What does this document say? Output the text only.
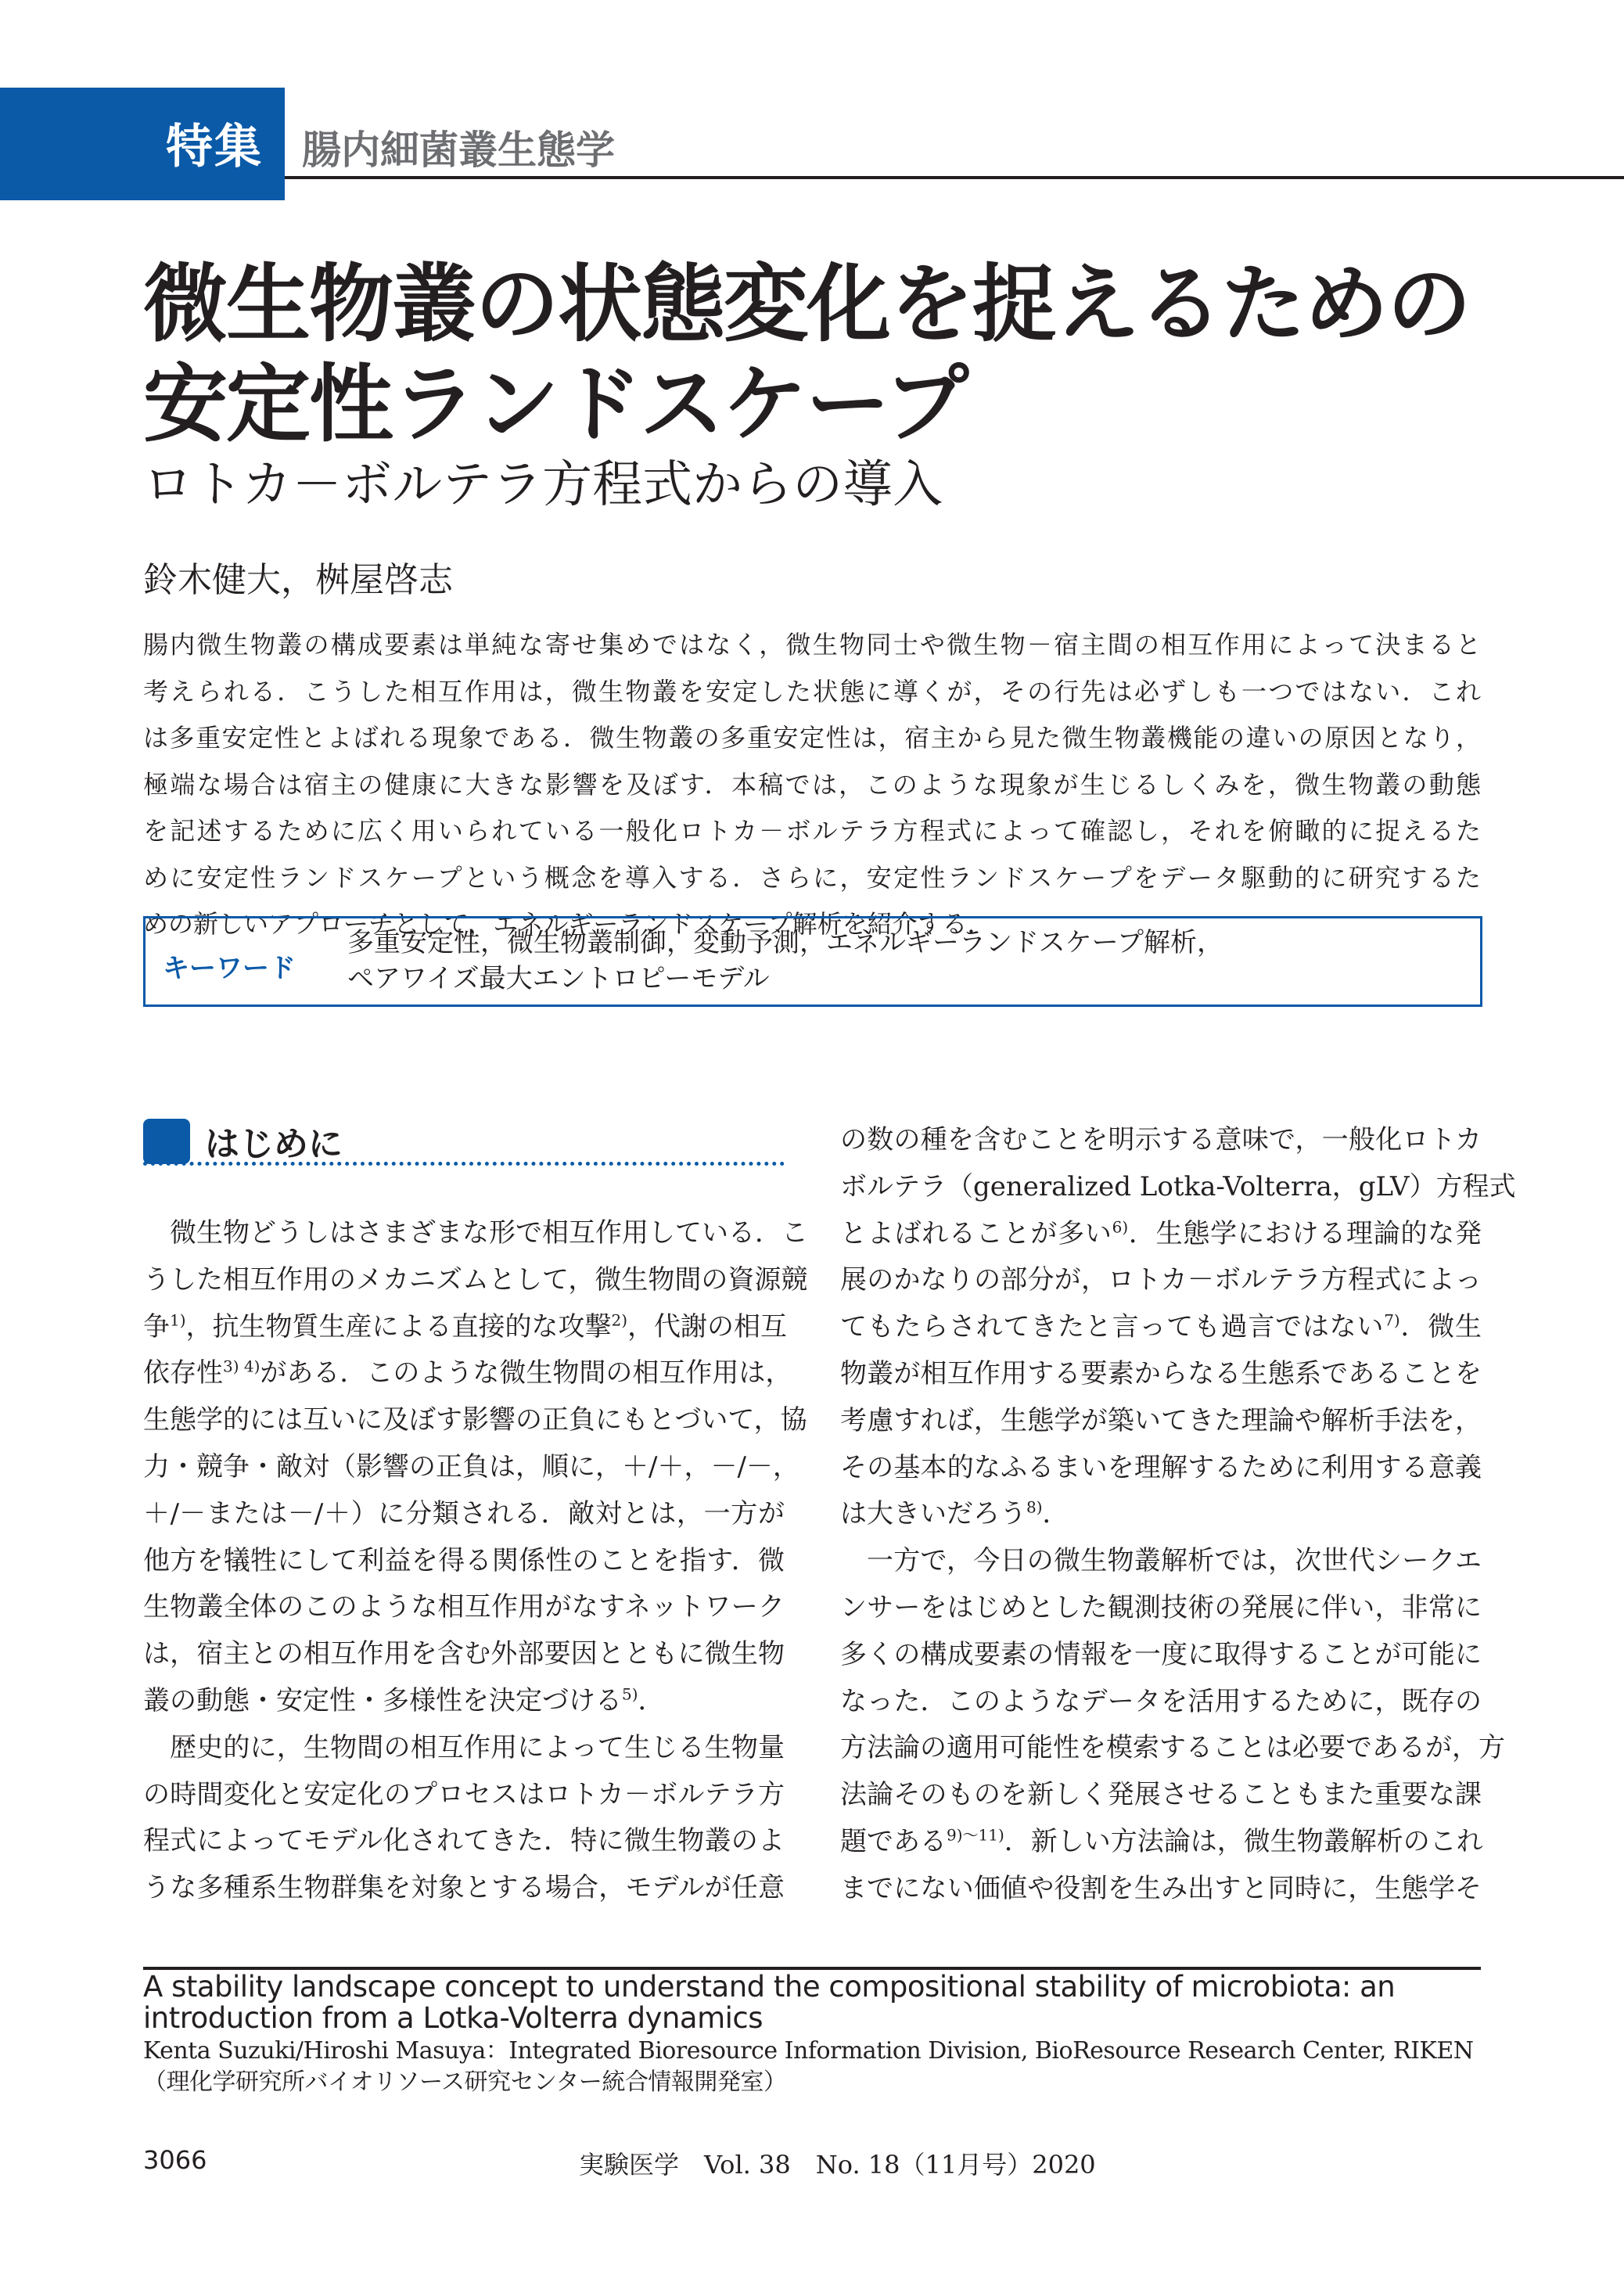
特集 腸内細菌叢生態学
微生物叢の状態変化を捉えるための
安定性ランドスケープ
ロトカ－ボルテラ方程式からの導入
鈴木健大，桝屋啓志
腸内微生物叢の構成要素は単純な寄せ集めではなく，微生物同士や微生物－宿主間の相互作用によって決まると
考えられる．こうした相互作用は，微生物叢を安定した状態に導くが，その行先は必ずしも一つではない．これ
は多重安定性とよばれる現象である．微生物叢の多重安定性は，宿主から見た微生物叢機能の違いの原因となり，
極端な場合は宿主の健康に大きな影響を及ぼす．本稿では，このような現象が生じるしくみを，微生物叢の動態
を記述するために広く用いられている一般化ロトカ－ボルテラ方程式によって確認し，それを俯瞰的に捉えるた
めに安定性ランドスケープという概念を導入する．さらに，安定性ランドスケープをデータ駆動的に研究するた
めの新しいアプローチとして，エネルギーランドスケープ解析を紹介する．
キーワード
多重安定性，微生物叢制御，変動予測，エネルギーランドスケープ解析，
ペアワイズ最大エントロピーモデル
はじめに
微生物どうしはさまざまな形で相互作用している．こ
うした相互作用のメカニズムとして，微生物間の資源競
争$^{1)}$，抗生物質生産による直接的な攻撃$^{2)}$，代謝の相互
依存性$^{3) 4)}$がある．このような微生物間の相互作用は，
生態学的には互いに及ぼす影響の正負にもとづいて，協
力・競争・敵対（影響の正負は，順に，＋/＋，－/－，
＋/－または－/＋）に分類される．敵対とは，一方が
他方を犠牲にして利益を得る関係性のことを指す．微
生物叢全体のこのような相互作用がなすネットワーク
は，宿主との相互作用を含む外部要因とともに微生物
叢の動態・安定性・多様性を決定づける$^{5)}$．
歴史的に，生物間の相互作用によって生じる生物量
の時間変化と安定化のプロセスはロトカ－ボルテラ方
程式によってモデル化されてきた．特に微生物叢のよ
うな多種系生物群集を対象とする場合，モデルが任意
の数の種を含むことを明示する意味で，一般化ロトカ
ボルテラ（generalized Lotka-Volterra，gLV）方程式
とよばれることが多い$^{6)}$．生態学における理論的な発
展のかなりの部分が，ロトカ－ボルテラ方程式によっ
てもたらされてきたと言っても過言ではない$^{7)}$．微生
物叢が相互作用する要素からなる生態系であることを
考慮すれば，生態学が築いてきた理論や解析手法を，
その基本的なふるまいを理解するために利用する意義
は大きいだろう$^{8)}$．
一方で，今日の微生物叢解析では，次世代シークエ
ンサーをはじめとした観測技術の発展に伴い，非常に
多くの構成要素の情報を一度に取得することが可能に
なった．このようなデータを活用するために，既存の
方法論の適用可能性を模索することは必要であるが，方
法論そのものを新しく発展させることもまた重要な課
題である$^{9)\sim 11)}$．新しい方法論は，微生物叢解析のこれ
までにない価値や役割を生み出すと同時に，生態学そ
A stability landscape concept to understand the compositional stability of microbiota: an introduction from a Lotka-Volterra dynamics
Kenta Suzuki/Hiroshi Masuya：Integrated Bioresource Information Division, BioResource Research Center, RIKEN（理化学研究所バイオリソース研究センター統合情報開発室）
3066	実験医学　Vol. 38　No. 18（11月号）2020
